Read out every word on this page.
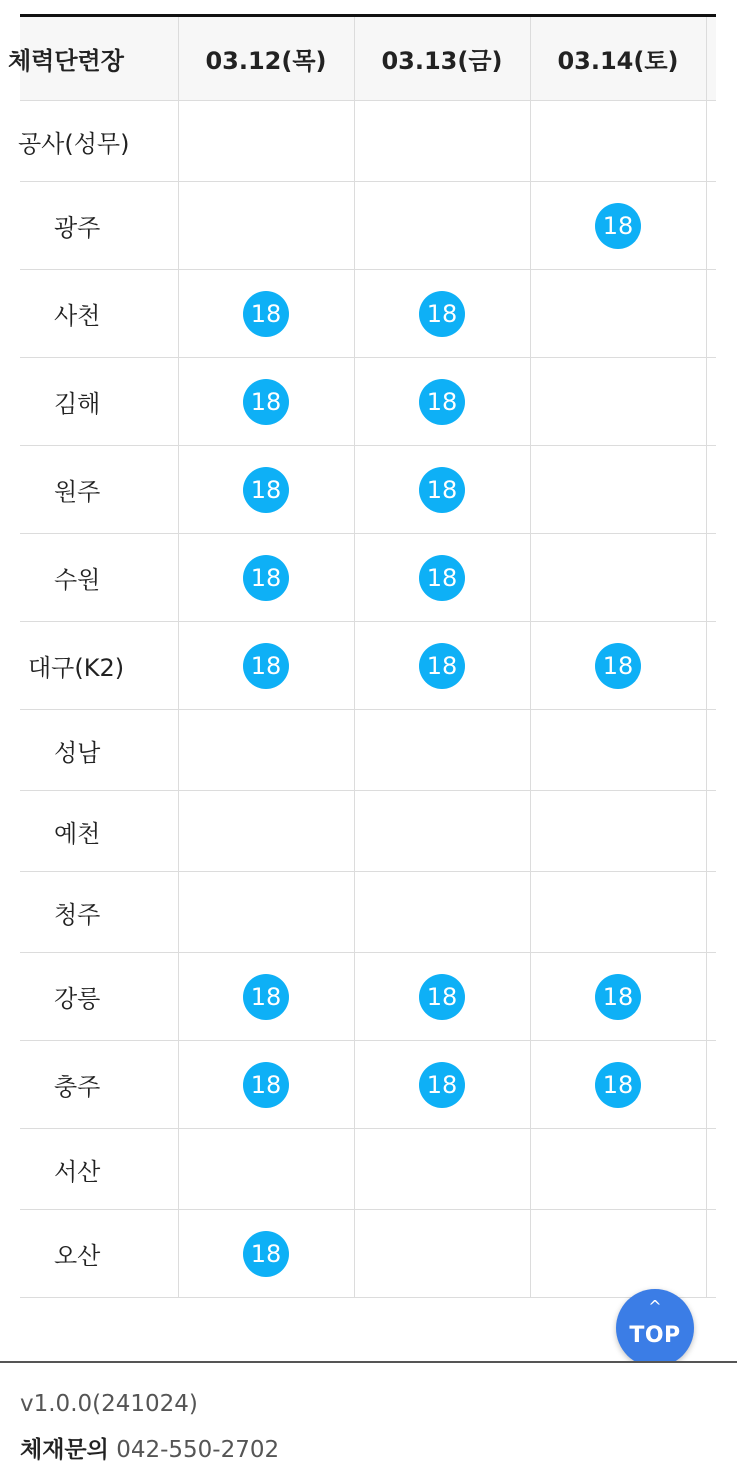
체력단련장	03.12(목)	03.13(금)	03.14(토)	
공사(성무)				
광주			18	
사천	18	18		
김해	18	18		
원주	18	18		
수원	18	18		
대구(K2)	18	18	18	
성남				
예천				
청주				
강릉	18	18	18	
충주	18	18	18	
서산				
오산	18			
^
TOP
v1.0.0(241024)
체재문의 042-550-2702
